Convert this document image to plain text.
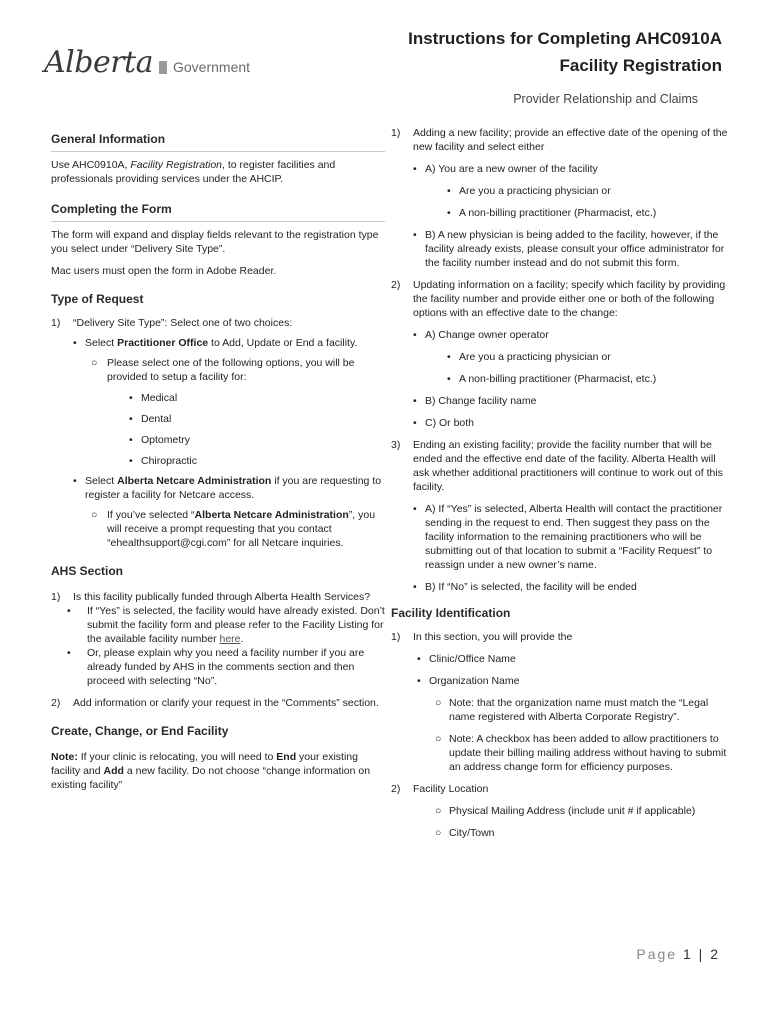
Alberta Government
Instructions for Completing AHC0910A
Facility Registration
Provider Relationship and Claims
General Information

Use AHC0910A, Facility Registration, to register facilities and professionals providing services under the AHCIP.

Completing the Form

The form will expand and display fields relevant to the registration type you select under “Delivery Site Type”.

Mac users must open the form in Adobe Reader.

Type of Request
1)	“Delivery Site Type”: Select one of two choices:
• Select Practitioner Office to Add, Update or End a facility.
○ Please select one of the following options, you will be provided to setup a facility for:
• Medical
• Dental
• Optometry
• Chiropractic
• Select Alberta Netcare Administration if you are requesting to register a facility for Netcare access.
○ If you’ve selected “Alberta Netcare Administration”, you will receive a prompt requesting that you contact “ehealthsupport@cgi.com” for all Netcare inquiries.
AHS Section
1)	Is this facility publically funded through Alberta Health Services?
•	If “Yes” is selected, the facility would have already existed. Don’t submit the facility form and please refer to the Facility Listing for the available facility number here.
•	Or, please explain why you need a facility number if you are already funded by AHS in the comments section and then proceed with selecting “No”.
2)	Add information or clarify your request in the “Comments” section.
Create, Change, or End Facility

Note: If your clinic is relocating, you will need to End your existing facility and Add a new facility. Do not choose “change information on existing facility”

1)	Adding a new facility; provide an effective date of the opening of the new facility and select either
• A) You are a new owner of the facility
• Are you a practicing physician or
• A non-billing practitioner (Pharmacist, etc.)
• B) A new physician is being added to the facility, however, if the facility already exists, please consult your office administrator for the facility number instead and do not submit this form.
2)	Updating information on a facility; specify which facility by providing the facility number and provide either one or both of the following options with an effective date to the change:
• A) Change owner operator
• Are you a practicing physician or
• A non-billing practitioner (Pharmacist, etc.)
• B) Change facility name
• C) Or both
3)	Ending an existing facility; provide the facility number that will be ended and the effective end date of the facility. Alberta Health will ask whether additional practitioners will continue to work out of this facility.
• A) If “Yes” is selected, Alberta Health will contact the practitioner sending in the request to end. Then suggest they pass on the facility information to the remaining practitioners who will be submitting out of that location to submit a “Facility Request” to reassign under a new owner’s name.
• B) If “No” is selected, the facility will be ended
Facility Identification
1)	In this section, you will provide the
• Clinic/Office Name
• Organization Name
○ Note: that the organization name must match the “Legal name registered with Alberta Corporate Registry”.
○ Note: A checkbox has been added to allow practitioners to update their billing mailing address without having to submit an address change form for efficiency purposes.
2)	Facility Location
○ Physical Mailing Address (include unit # if applicable)
○ City/Town
Page 1 | 2
